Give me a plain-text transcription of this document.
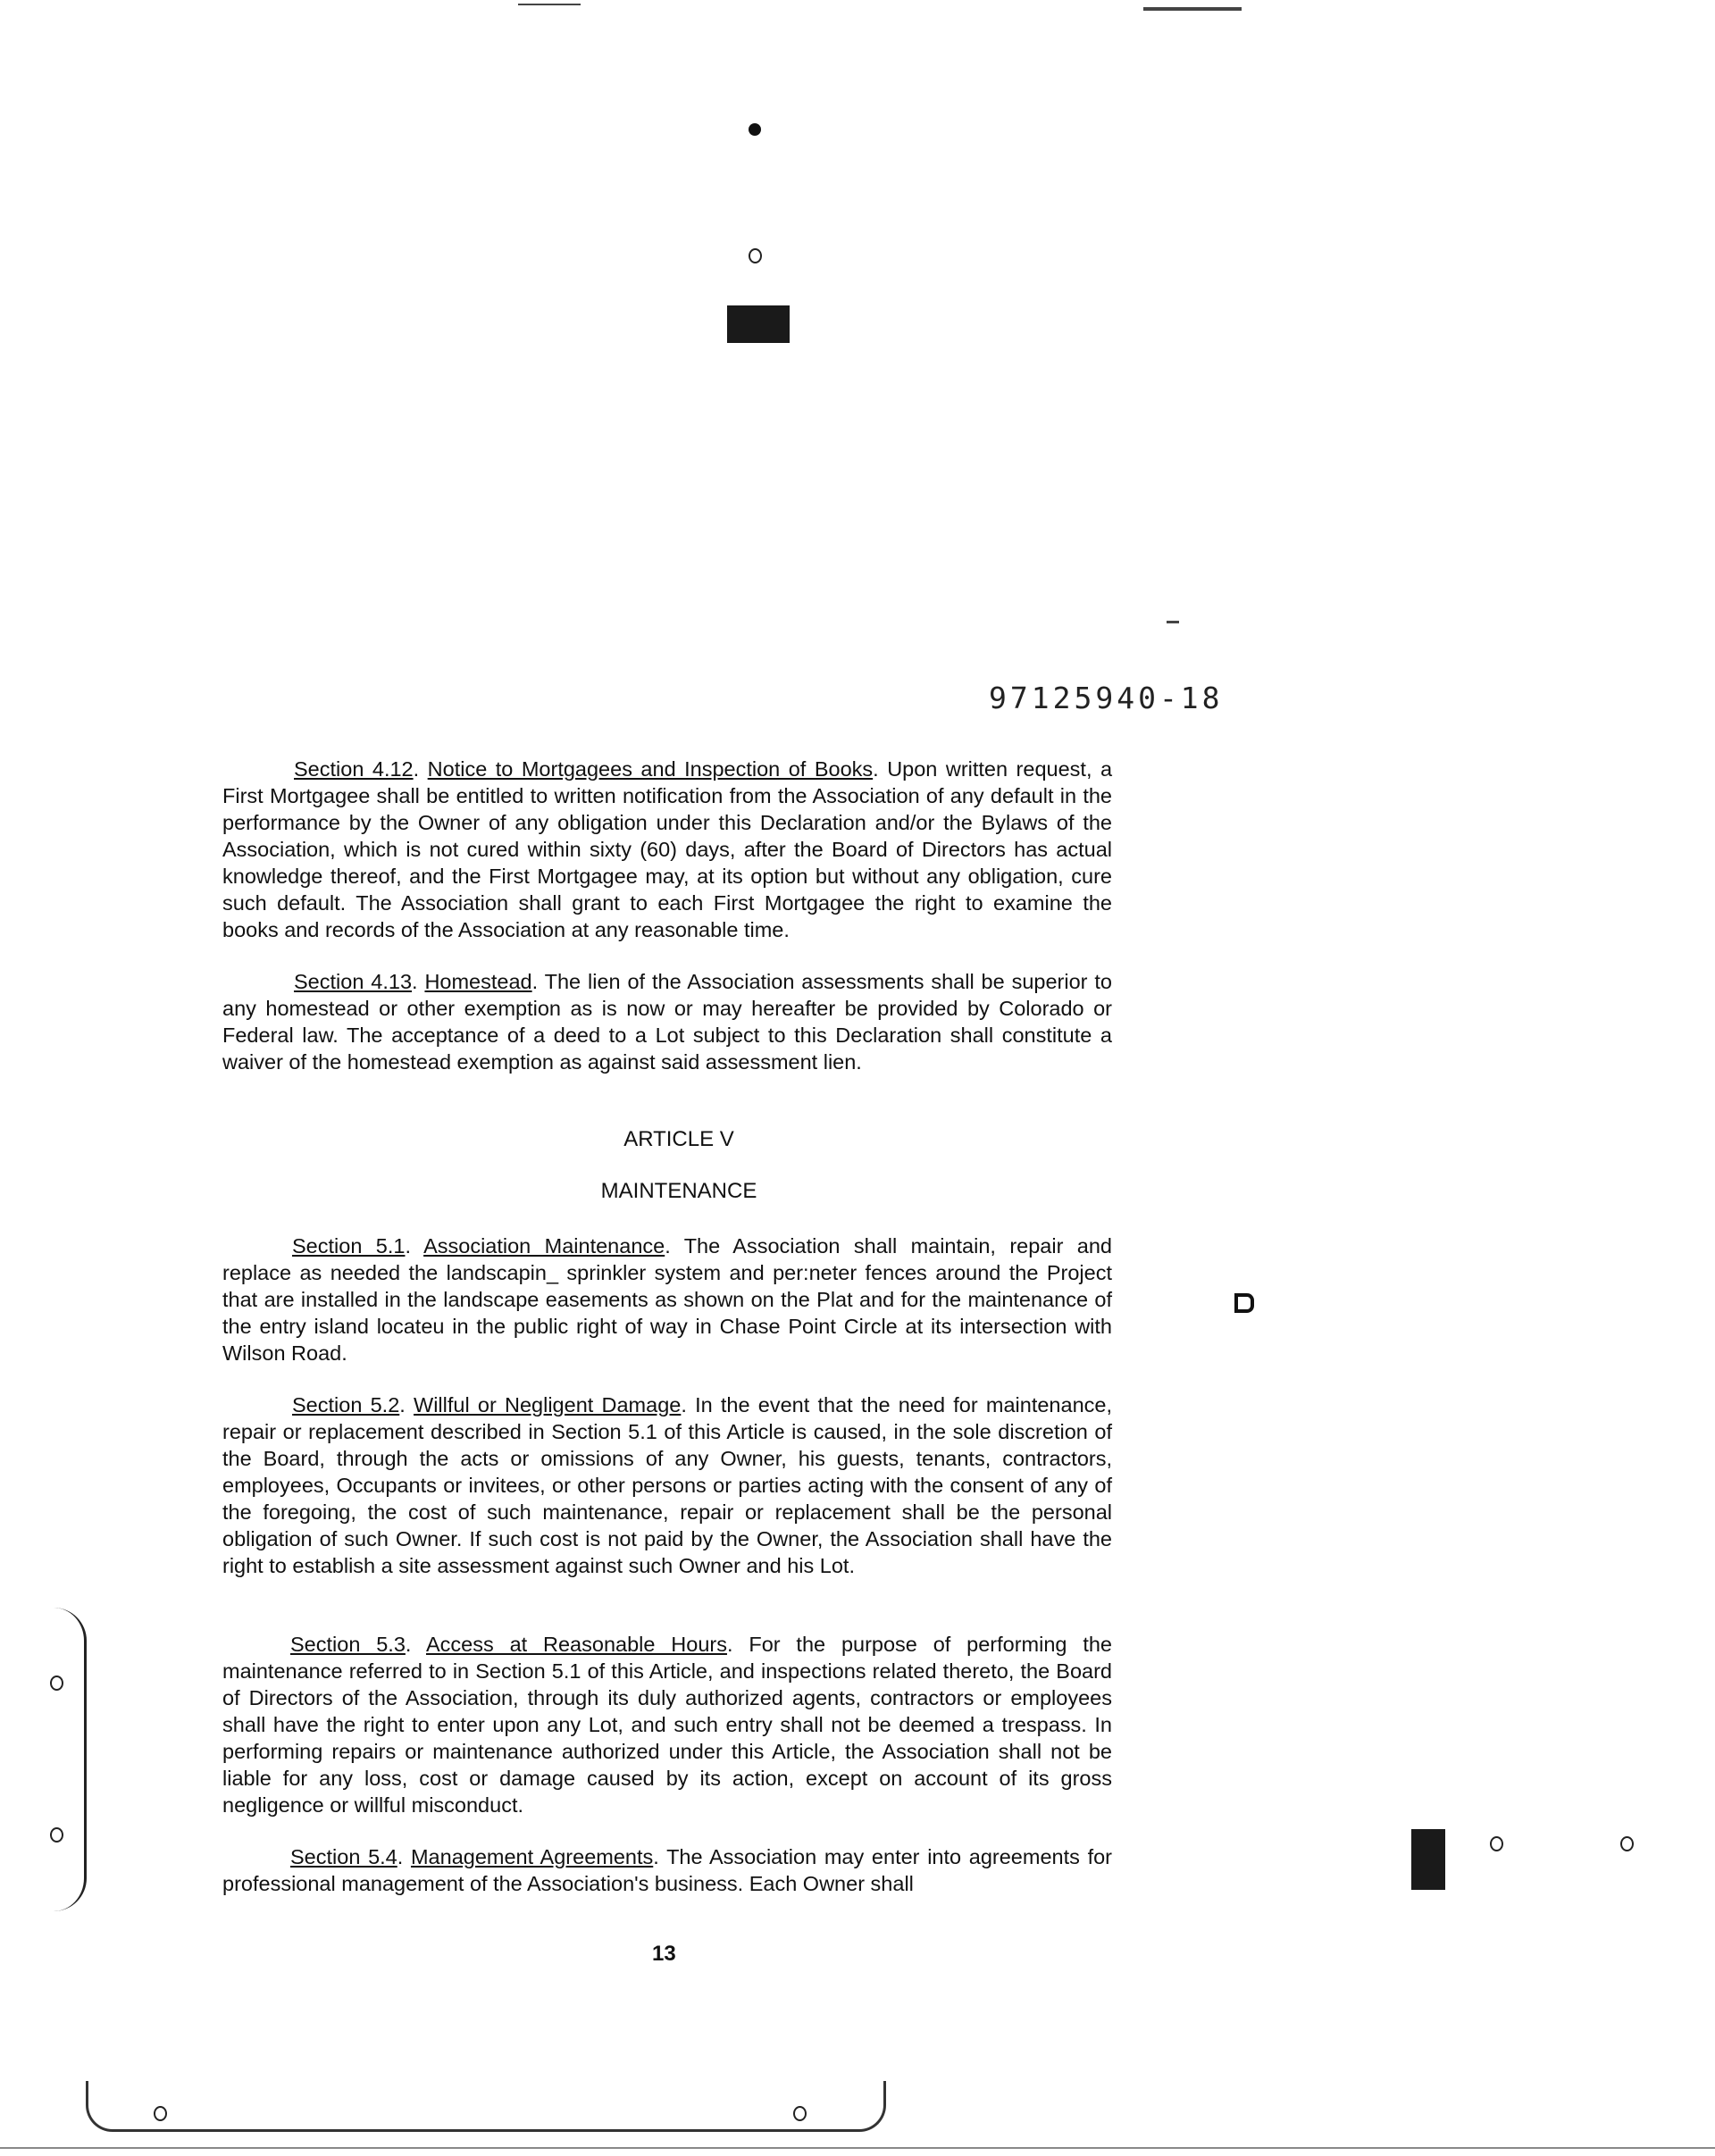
97125940-18

Section 4.12. Notice to Mortgagees and Inspection of Books. Upon written request, a First Mortgagee shall be entitled to written notification from the Association of any default in the performance by the Owner of any obligation under this Declaration and/or the Bylaws of the Association, which is not cured within sixty (60) days, after the Board of Directors has actual knowledge thereof, and the First Mortgagee may, at its option but without any obligation, cure such default. The Association shall grant to each First Mortgagee the right to examine the books and records of the Association at any reasonable time.

Section 4.13. Homestead. The lien of the Association assessments shall be superior to any homestead or other exemption as is now or may hereafter be provided by Colorado or Federal law. The acceptance of a deed to a Lot subject to this Declaration shall constitute a waiver of the homestead exemption as against said assessment lien.

ARTICLE V
MAINTENANCE

Section 5.1. Association Maintenance. The Association shall maintain, repair and replace as needed the landscapin_ sprinkler system and per:neter fences around the Project that are installed in the landscape easements as shown on the Plat and for the maintenance of the entry island locateu in the public right of way in Chase Point Circle at its intersection with Wilson Road.

Section 5.2. Willful or Negligent Damage. In the event that the need for maintenance, repair or replacement described in Section 5.1 of this Article is caused, in the sole discretion of the Board, through the acts or omissions of any Owner, his guests, tenants, contractors, employees, Occupants or invitees, or other persons or parties acting with the consent of any of the foregoing, the cost of such maintenance, repair or replacement shall be the personal obligation of such Owner. If such cost is not paid by the Owner, the Association shall have the right to establish a site assessment against such Owner and his Lot.

Section 5.3. Access at Reasonable Hours. For the purpose of performing the maintenance referred to in Section 5.1 of this Article, and inspections related thereto, the Board of Directors of the Association, through its duly authorized agents, contractors or employees shall have the right to enter upon any Lot, and such entry shall not be deemed a trespass. In performing repairs or maintenance authorized under this Article, the Association shall not be liable for any loss, cost or damage caused by its action, except on account of its gross negligence or willful misconduct.

Section 5.4. Management Agreements. The Association may enter into agreements for professional management of the Association's business. Each Owner shall

13
